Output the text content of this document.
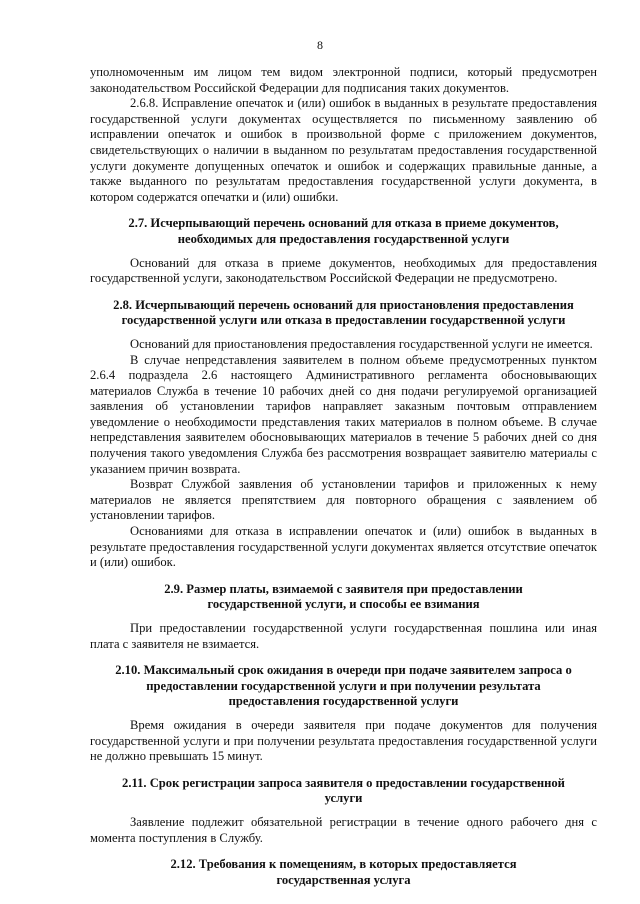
8

уполномоченным им лицом тем видом электронной подписи, который предусмотрен законодательством Российской Федерации для подписания таких документов.

2.6.8. Исправление опечаток и (или) ошибок в выданных в результате предоставления государственной услуги документах осуществляется по письменному заявлению об исправлении опечаток и ошибок в произвольной форме с приложением документов, свидетельствующих о наличии в выданном по результатам предоставления государственной услуги документе допущенных опечаток и ошибок и содержащих правильные данные, а также выданного по результатам предоставления государственной услуги документа, в котором содержатся опечатки и (или) ошибки.

2.7. Исчерпывающий перечень оснований для отказа в приеме документов,
необходимых для предоставления государственной услуги

Оснований для отказа в приеме документов, необходимых для предоставления государственной услуги, законодательством Российской Федерации не предусмотрено.

2.8. Исчерпывающий перечень оснований для приостановления предоставления
государственной услуги или отказа в предоставлении государственной услуги

Оснований для приостановления предоставления государственной услуги не имеется.

В случае непредставления заявителем в полном объеме предусмотренных пунктом 2.6.4 подраздела 2.6 настоящего Административного регламента обосновывающих материалов Служба в течение 10 рабочих дней со дня подачи регулируемой организацией заявления об установлении тарифов направляет заказным почтовым отправлением уведомление о необходимости представления таких материалов в полном объеме. В случае непредставления заявителем обосновывающих материалов в течение 5 рабочих дней со дня получения такого уведомления Служба без рассмотрения возвращает заявителю материалы с указанием причин возврата.

Возврат Службой заявления об установлении тарифов и приложенных к нему материалов не является препятствием для повторного обращения с заявлением об установлении тарифов.

Основаниями для отказа в исправлении опечаток и (или) ошибок в выданных в результате предоставления государственной услуги документах является отсутствие опечаток и (или) ошибок.

2.9. Размер платы, взимаемой с заявителя при предоставлении
государственной услуги, и способы ее взимания

При предоставлении государственной услуги государственная пошлина или иная плата с заявителя не взимается.

2.10. Максимальный срок ожидания в очереди при подаче заявителем запроса о
предоставлении государственной услуги и при получении результата
предоставления государственной услуги

Время ожидания в очереди заявителя при подаче документов для получения государственной услуги и при получении результата предоставления государственной услуги не должно превышать 15 минут.

2.11. Срок регистрации запроса заявителя о предоставлении государственной
услуги

Заявление подлежит обязательной регистрации в течение одного рабочего дня с момента поступления в Службу.

2.12. Требования к помещениям, в которых предоставляется
государственная услуга
